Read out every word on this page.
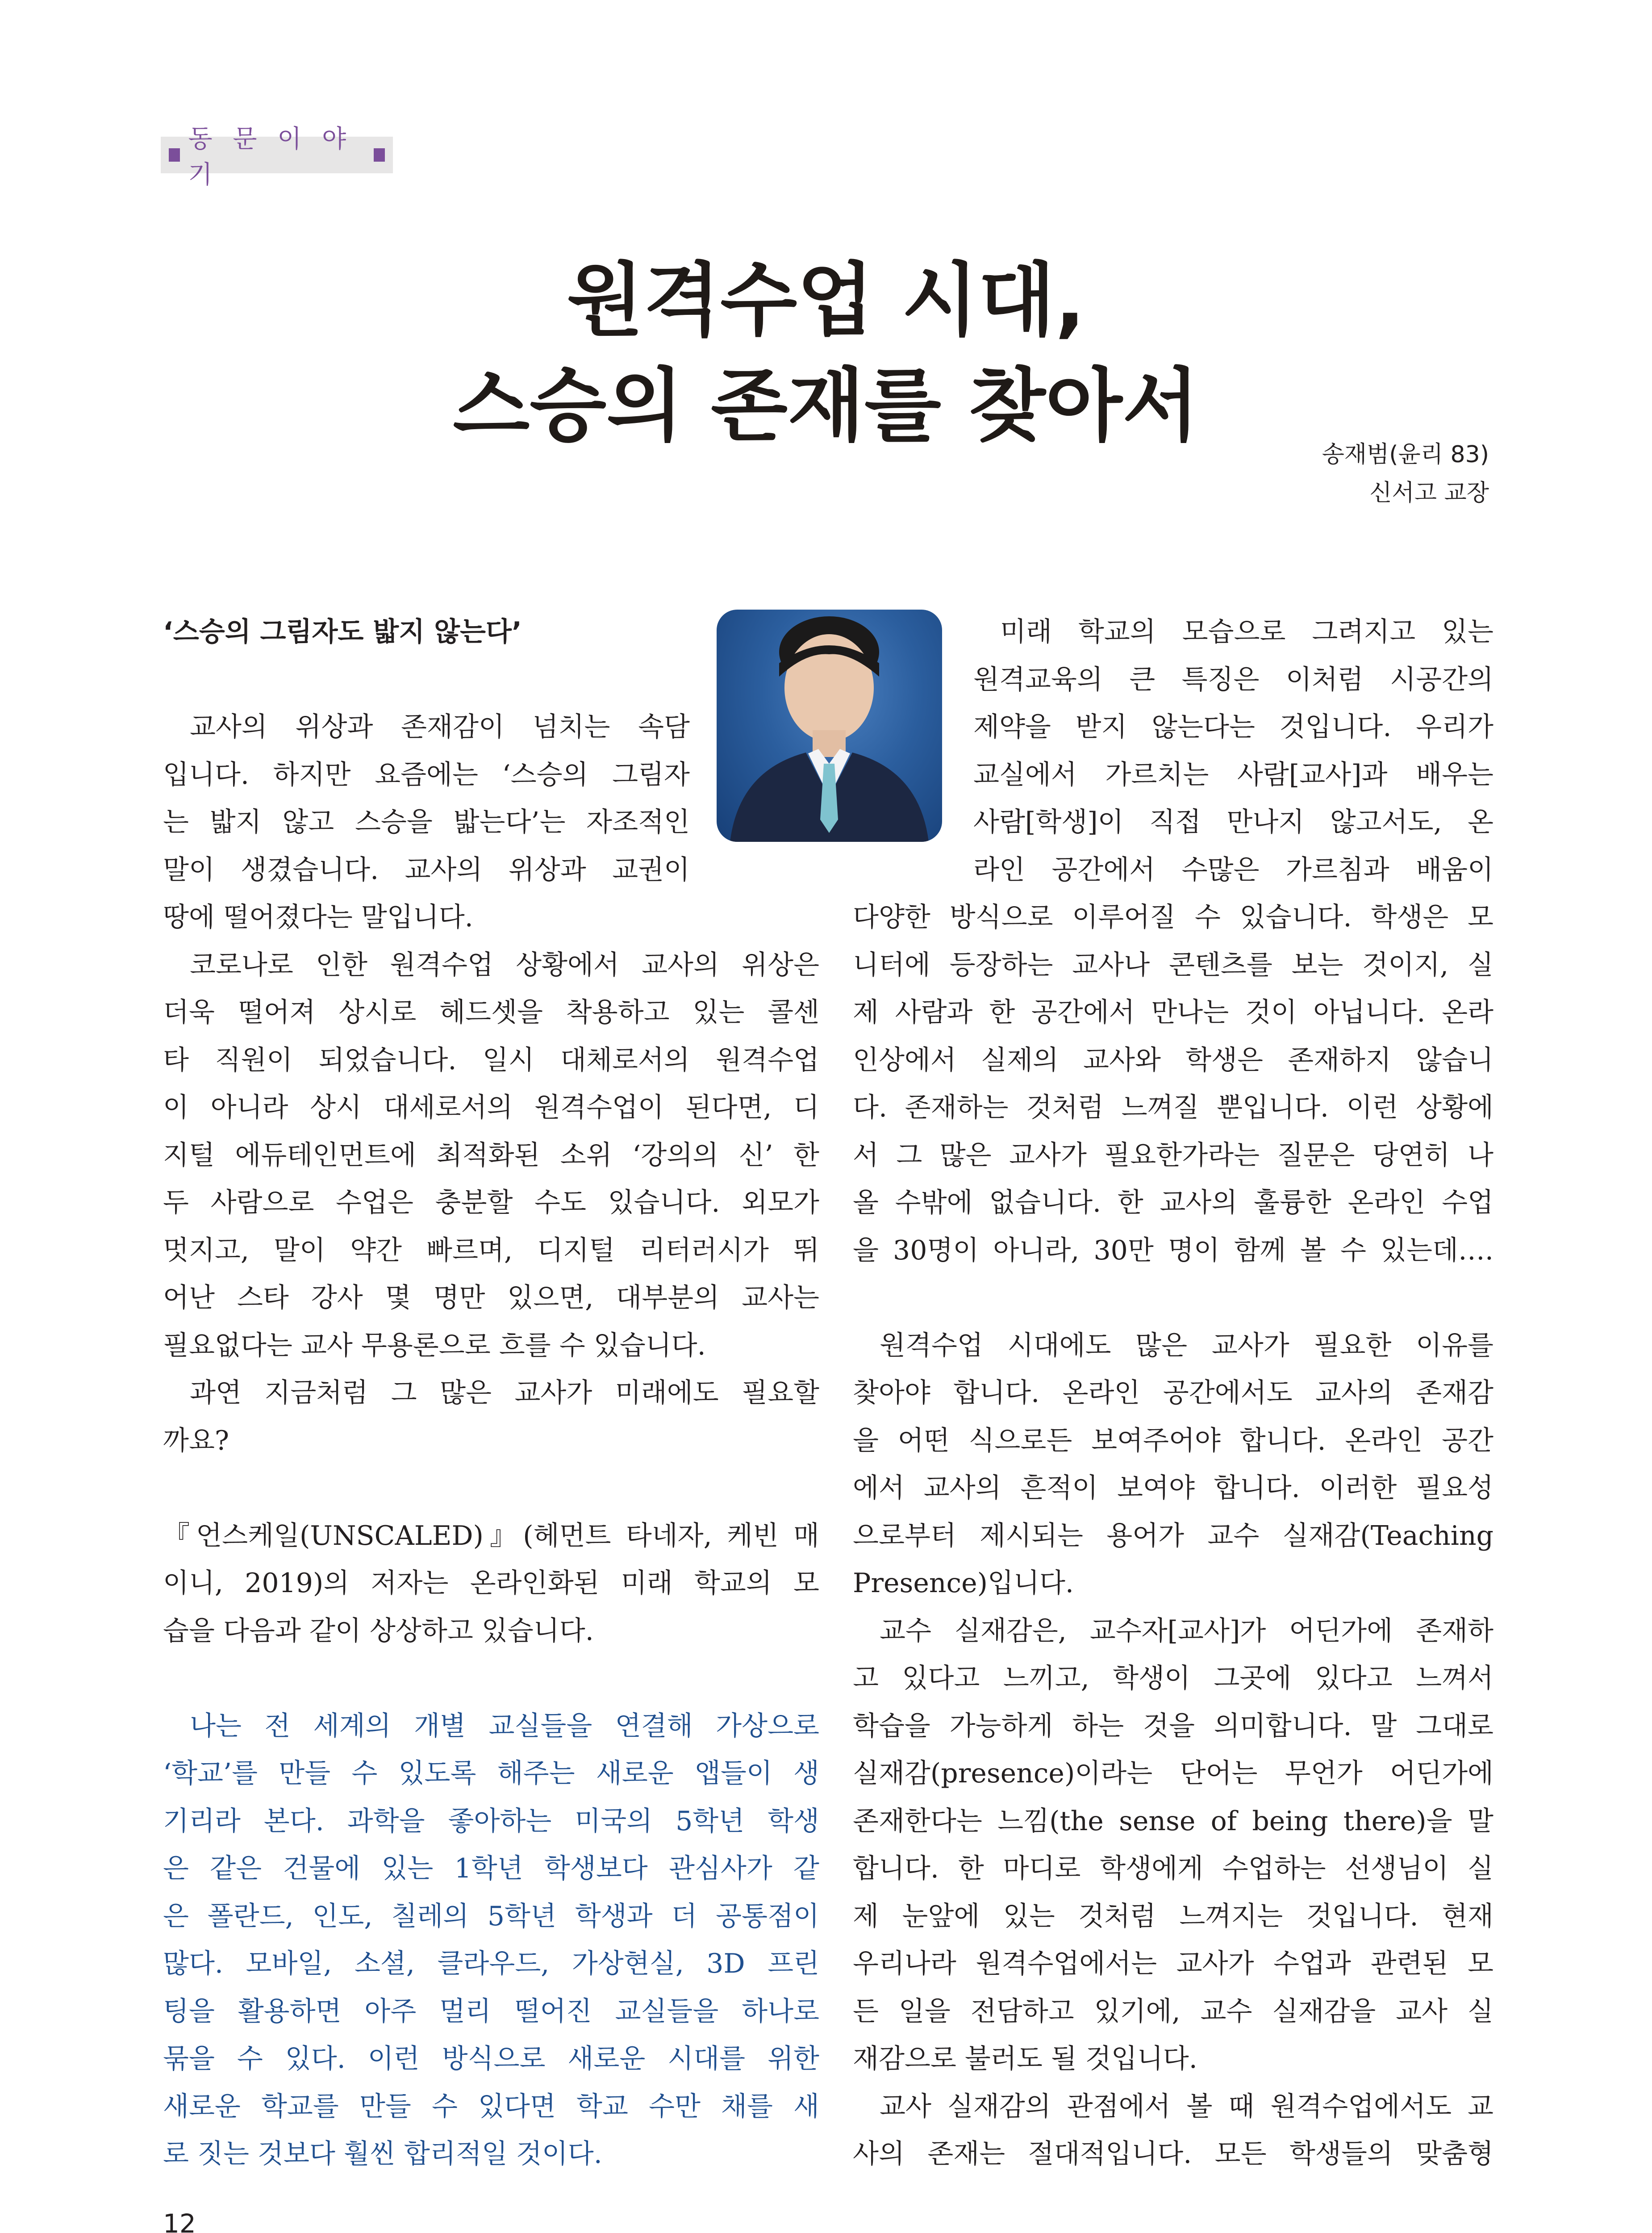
동 문 이 야 기
원격수업 시대,
스승의 존재를 찾아서
송재범(윤리 83)
신서고 교장
‘스승의 그림자도 밟지 않는다’
교사의 위상과 존재감이 넘치는 속담
입니다. 하지만 요즘에는 ‘스승의 그림자
는 밟지 않고 스승을 밟는다’는 자조적인
말이 생겼습니다. 교사의 위상과 교권이
땅에 떨어졌다는 말입니다.
코로나로 인한 원격수업 상황에서 교사의 위상은
더욱 떨어져 상시로 헤드셋을 착용하고 있는 콜센
타 직원이 되었습니다. 일시 대체로서의 원격수업
이 아니라 상시 대세로서의 원격수업이 된다면, 디
지털 에듀테인먼트에 최적화된 소위 ‘강의의 신’ 한
두 사람으로 수업은 충분할 수도 있습니다. 외모가
멋지고, 말이 약간 빠르며, 디지털 리터러시가 뛰
어난 스타 강사 몇 명만 있으면, 대부분의 교사는
필요없다는 교사 무용론으로 흐를 수 있습니다.
과연 지금처럼 그 많은 교사가 미래에도 필요할
까요?
『언스케일(UNSCALED)』(헤먼트 타네자, 케빈 매
이니, 2019)의 저자는 온라인화된 미래 학교의 모
습을 다음과 같이 상상하고 있습니다.
나는 전 세계의 개별 교실들을 연결해 가상으로
‘학교’를 만들 수 있도록 해주는 새로운 앱들이 생
기리라 본다. 과학을 좋아하는 미국의 5학년 학생
은 같은 건물에 있는 1학년 학생보다 관심사가 같
은 폴란드, 인도, 칠레의 5학년 학생과 더 공통점이
많다. 모바일, 소셜, 클라우드, 가상현실, 3D 프린
팅을 활용하면 아주 멀리 떨어진 교실들을 하나로
묶을 수 있다. 이런 방식으로 새로운 시대를 위한
새로운 학교를 만들 수 있다면 학교 수만 채를 새
로 짓는 것보다 훨씬 합리적일 것이다.
미래 학교의 모습으로 그려지고 있는
원격교육의 큰 특징은 이처럼 시공간의
제약을 받지 않는다는 것입니다. 우리가
교실에서 가르치는 사람[교사]과 배우는
사람[학생]이 직접 만나지 않고서도, 온
라인 공간에서 수많은 가르침과 배움이
다양한 방식으로 이루어질 수 있습니다. 학생은 모
니터에 등장하는 교사나 콘텐츠를 보는 것이지, 실
제 사람과 한 공간에서 만나는 것이 아닙니다. 온라
인상에서 실제의 교사와 학생은 존재하지 않습니
다. 존재하는 것처럼 느껴질 뿐입니다. 이런 상황에
서 그 많은 교사가 필요한가라는 질문은 당연히 나
올 수밖에 없습니다. 한 교사의 훌륭한 온라인 수업
을 30명이 아니라, 30만 명이 함께 볼 수 있는데….
원격수업 시대에도 많은 교사가 필요한 이유를
찾아야 합니다. 온라인 공간에서도 교사의 존재감
을 어떤 식으로든 보여주어야 합니다. 온라인 공간
에서 교사의 흔적이 보여야 합니다. 이러한 필요성
으로부터 제시되는 용어가 교수 실재감(Teaching
Presence)입니다.
교수 실재감은, 교수자[교사]가 어딘가에 존재하
고 있다고 느끼고, 학생이 그곳에 있다고 느껴서
학습을 가능하게 하는 것을 의미합니다. 말 그대로
실재감(presence)이라는 단어는 무언가 어딘가에
존재한다는 느낌(the sense of being there)을 말
합니다. 한 마디로 학생에게 수업하는 선생님이 실
제 눈앞에 있는 것처럼 느껴지는 것입니다. 현재
우리나라 원격수업에서는 교사가 수업과 관련된 모
든 일을 전담하고 있기에, 교수 실재감을 교사 실
재감으로 불러도 될 것입니다.
교사 실재감의 관점에서 볼 때 원격수업에서도 교
사의 존재는 절대적입니다. 모든 학생들의 맞춤형
12
